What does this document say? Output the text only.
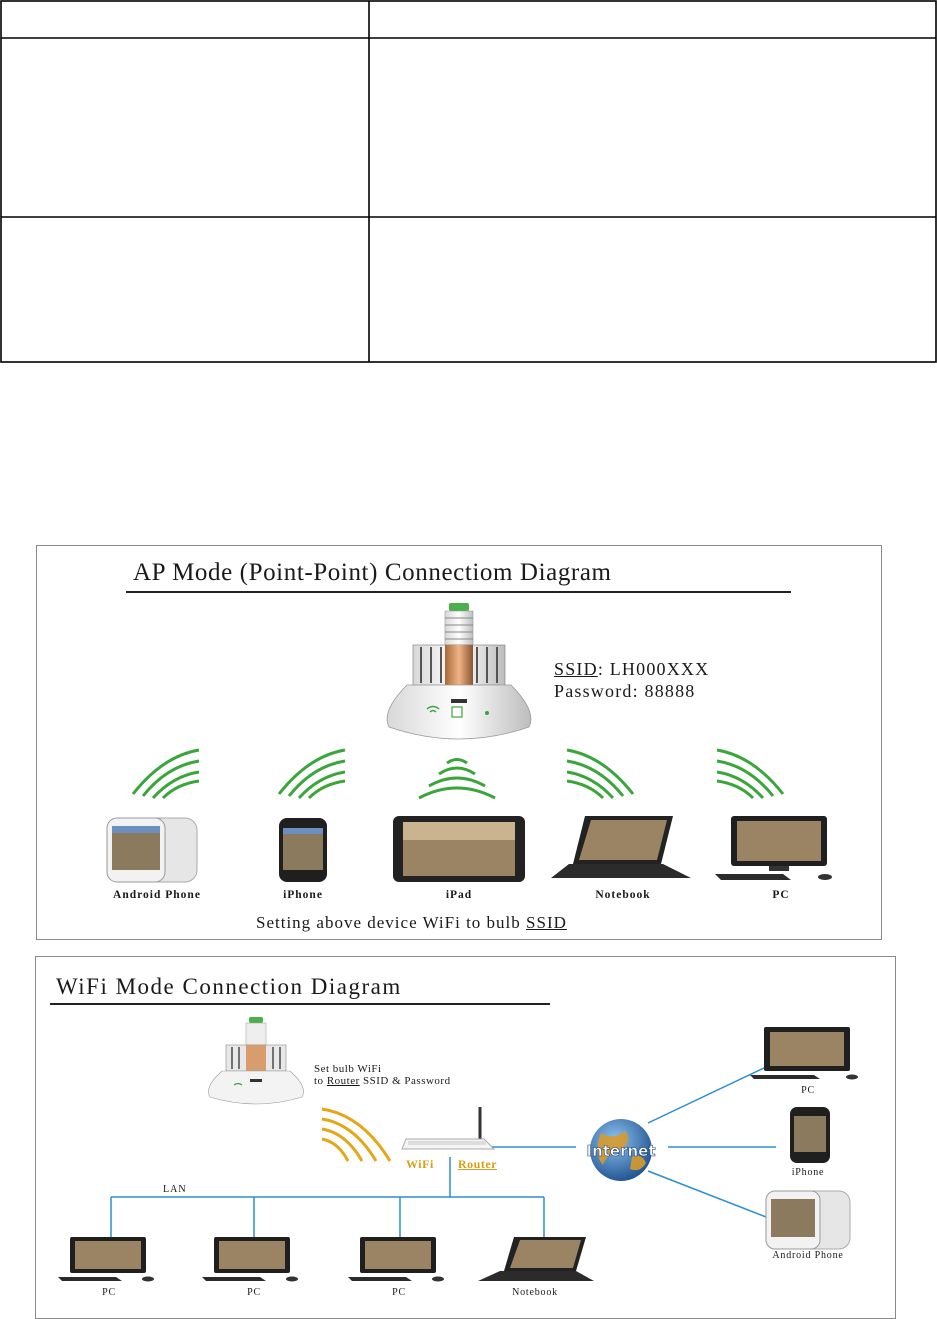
AP Mode (Point-Point) Connectiom Diagram
SSID: LH000XXX
Password: 88888
Android Phone	iPhone	iPad	Notebook	PC
Setting above device WiFi to bulb SSID
WiFi Mode Connection Diagram
Set bulb WiFi
to Router SSID & Password
WiFi Router
Internet
LAN
PC	PC	PC	Notebook
PC
iPhone
Android Phone
